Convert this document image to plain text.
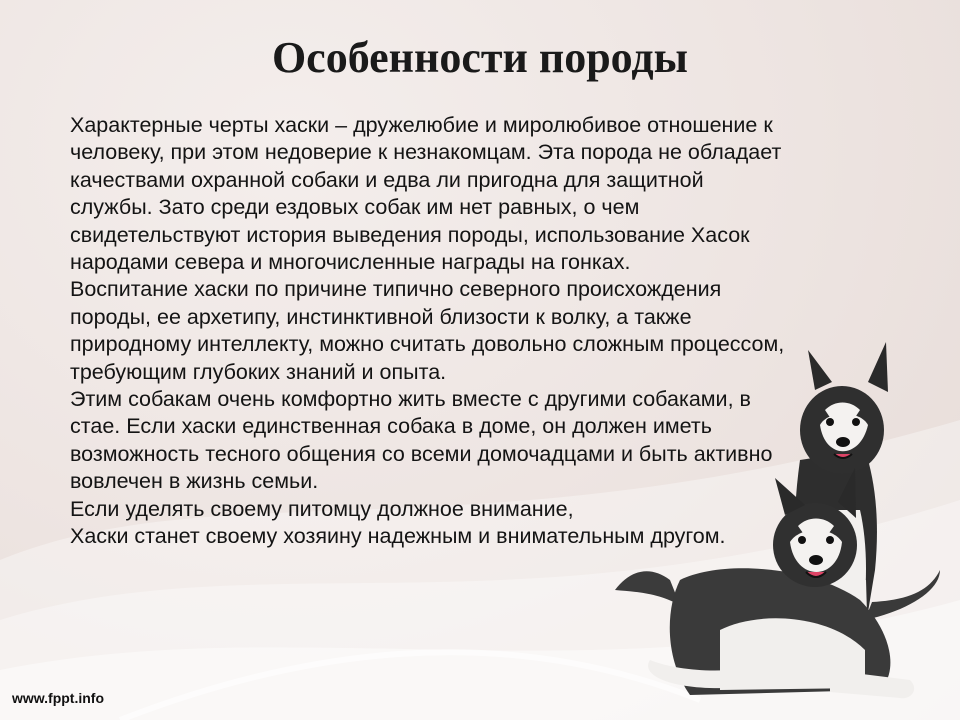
Особенности породы

Характерные черты хаски – дружелюбие и миролюбивое отношение к человеку, при этом недоверие к незнакомцам. Эта порода не обладает качествами охранной собаки и едва ли пригодна для защитной службы. Зато среди ездовых собак им нет равных, о чем свидетельствуют история выведения породы, использование Хасок народами севера и многочисленные награды на гонках.

Воспитание хаски по причине типично северного происхождения породы, ее архетипу, инстинктивной близости к волку, а также природному интеллекту, можно считать довольно сложным процессом, требующим глубоких знаний и опыта.

Этим собакам очень комфортно жить вместе с другими собаками, в стае. Если хаски единственная собака в доме, он должен иметь возможность тесного общения со всеми домочадцами и быть активно вовлечен в жизнь семьи.

Если уделять своему питомцу должное внимание,

Хаски станет своему хозяину надежным и внимательным другом.

www.fppt.info
